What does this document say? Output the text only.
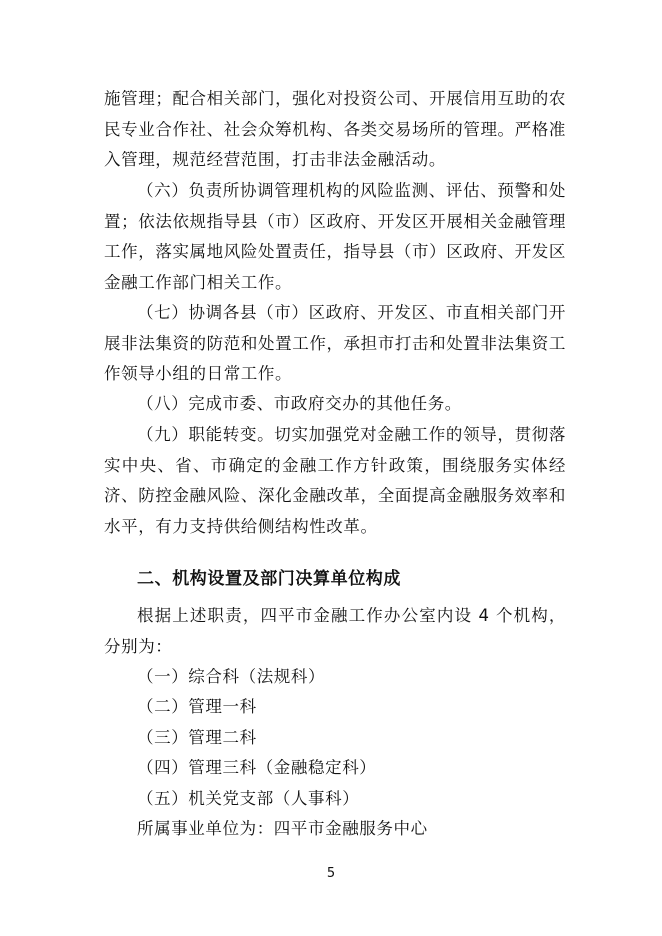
施管理；配合相关部门，强化对投资公司、开展信用互助的农民专业合作社、社会众筹机构、各类交易场所的管理。严格准入管理，规范经营范围，打击非法金融活动。

（六）负责所协调管理机构的风险监测、评估、预警和处置；依法依规指导县（市）区政府、开发区开展相关金融管理工作，落实属地风险处置责任，指导县（市）区政府、开发区金融工作部门相关工作。

（七）协调各县（市）区政府、开发区、市直相关部门开展非法集资的防范和处置工作，承担市打击和处置非法集资工作领导小组的日常工作。

（八）完成市委、市政府交办的其他任务。

（九）职能转变。切实加强党对金融工作的领导，贯彻落实中央、省、市确定的金融工作方针政策，围绕服务实体经济、防控金融风险、深化金融改革，全面提高金融服务效率和水平，有力支持供给侧结构性改革。

二、机构设置及部门决算单位构成

根据上述职责，四平市金融工作办公室内设 4 个机构，分别为：

（一）综合科（法规科）

（二）管理一科

（三）管理二科

（四）管理三科（金融稳定科）

（五）机关党支部（人事科）

所属事业单位为：四平市金融服务中心

5
